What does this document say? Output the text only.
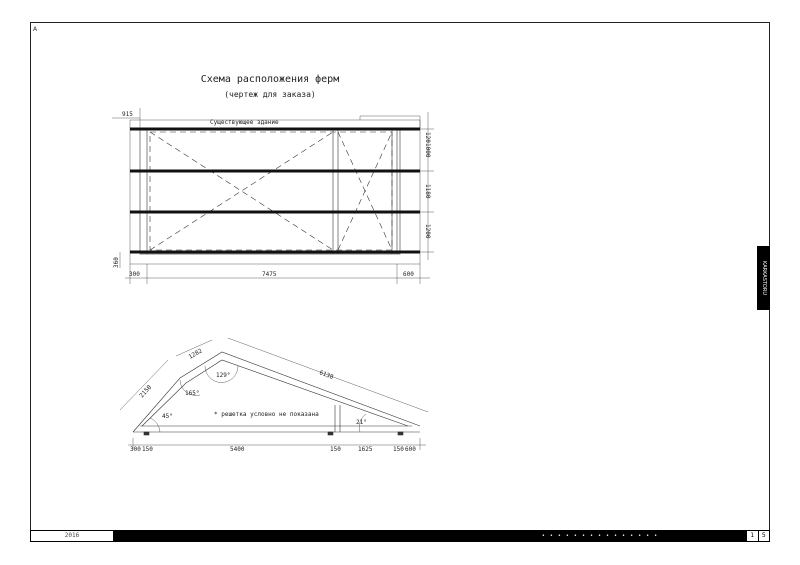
А
Схема расположения ферм
(чертеж для заказа)
Существующее здание
915
300	7475	600
360
120
1000
1180
1200
1282
2150
6138
129°
165°
45°
21°
* решетка условно не показана
300 150	5400	150	1625	150 600
KARKASTORU
2016	• • • • • • • • • • • • • • • • • • • • • •
1	5
